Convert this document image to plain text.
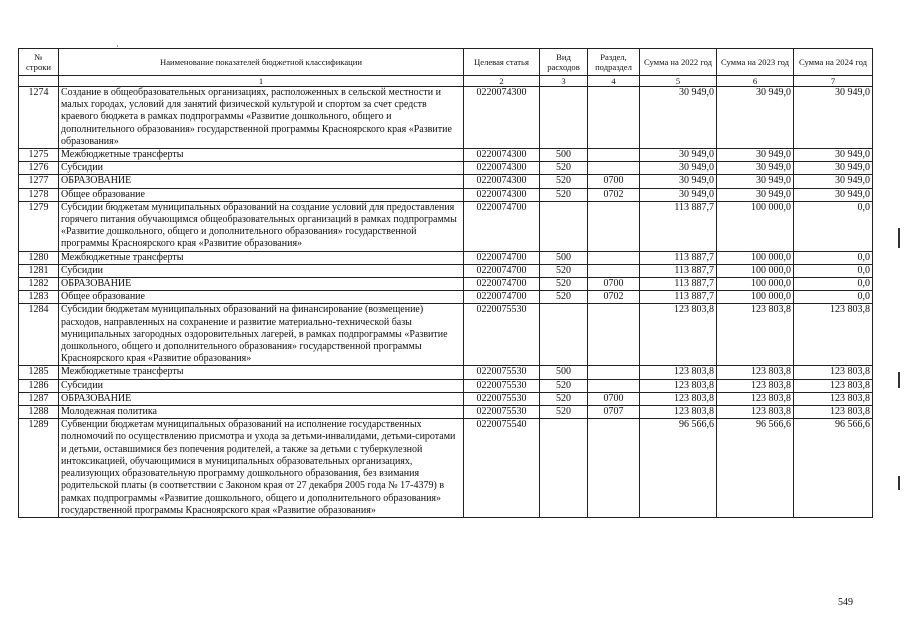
·
№ строки	Наименование показателей бюджетной классификации	Целевая статья	Вид расходов	Раздел, подраздел	Сумма на 2022 год	Сумма на 2023 год	Сумма на 2024 год
	1	2	3	4	5	6	7
1274	Создание в общеобразовательных организациях, расположенных в сельской местности и малых городах, условий для занятий физической культурой и спортом за счет средств краевого бюджета в рамках подпрограммы «Развитие дошкольного, общего и дополнительного образования» государственной программы Красноярского края «Развитие образования»	0220074300			30 949,0	30 949,0	30 949,0
1275	Межбюджетные трансферты	0220074300	500		30 949,0	30 949,0	30 949,0
1276	Субсидии	0220074300	520		30 949,0	30 949,0	30 949,0
1277	ОБРАЗОВАНИЕ	0220074300	520	0700	30 949,0	30 949,0	30 949,0
1278	Общее образование	0220074300	520	0702	30 949,0	30 949,0	30 949,0
1279	Субсидии бюджетам муниципальных образований на создание условий для предоставления горячего питания обучающимся общеобразовательных организаций в рамках подпрограммы «Развитие дошкольного, общего и дополнительного образования» государственной программы Красноярского края «Развитие образования»	0220074700			113 887,7	100 000,0	0,0
1280	Межбюджетные трансферты	0220074700	500		113 887,7	100 000,0	0,0
1281	Субсидии	0220074700	520		113 887,7	100 000,0	0,0
1282	ОБРАЗОВАНИЕ	0220074700	520	0700	113 887,7	100 000,0	0,0
1283	Общее образование	0220074700	520	0702	113 887,7	100 000,0	0,0
1284	Субсидии бюджетам муниципальных образований на финансирование (возмещение) расходов, направленных на сохранение и развитие материально-технической базы муниципальных загородных оздоровительных лагерей, в рамках подпрограммы «Развитие дошкольного, общего и дополнительного образования» государственной программы Красноярского края «Развитие образования»	0220075530			123 803,8	123 803,8	123 803,8
1285	Межбюджетные трансферты	0220075530	500		123 803,8	123 803,8	123 803,8
1286	Субсидии	0220075530	520		123 803,8	123 803,8	123 803,8
1287	ОБРАЗОВАНИЕ	0220075530	520	0700	123 803,8	123 803,8	123 803,8
1288	Молодежная политика	0220075530	520	0707	123 803,8	123 803,8	123 803,8
1289	Субвенции бюджетам муниципальных образований на исполнение государственных полномочий по осуществлению присмотра и ухода за детьми-инвалидами, детьми-сиротами и детьми, оставшимися без попечения родителей, а также за детьми с туберкулезной интоксикацией, обучающимися в муниципальных образовательных организациях, реализующих образовательную программу дошкольного образования, без взимания родительской платы (в соответствии с Законом края от 27 декабря 2005 года № 17-4379) в рамках подпрограммы «Развитие дошкольного, общего и дополнительного образования» государственной программы Красноярского края «Развитие образования»	0220075540			96 566,6	96 566,6	96 566,6
549
